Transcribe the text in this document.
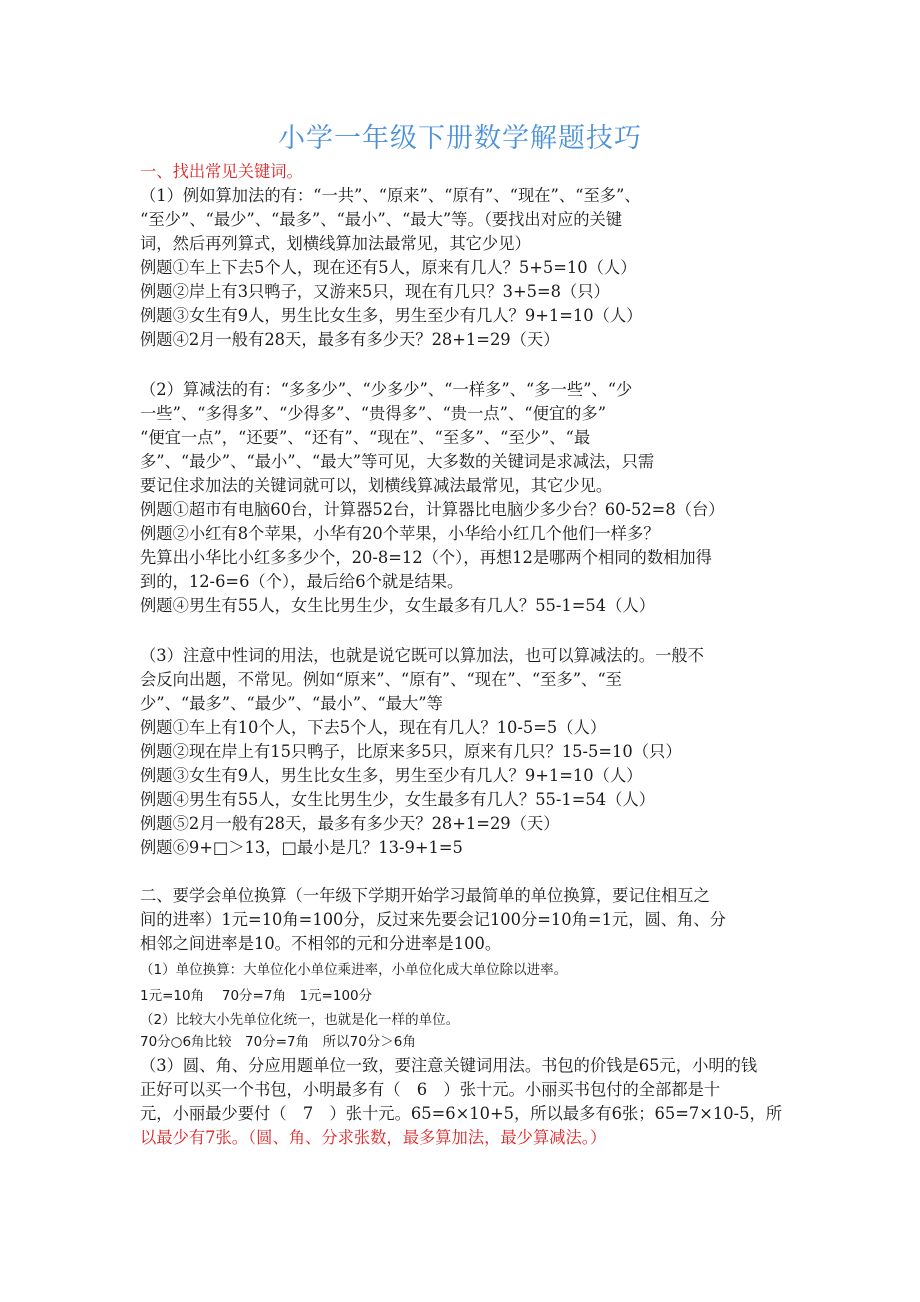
小学一年级下册数学解题技巧
一、找出常见关键词。
（1）例如算加法的有：“一共”、“原来”、“原有”、“现在”、“至多”、
“至少”、“最少”、“最多”、“最小”、“最大”等。（要找出对应的关键
词，然后再列算式，划横线算加法最常见，其它少见）
例题①车上下去5个人，现在还有5人，原来有几人？5+5=10（人）
例题②岸上有3只鸭子，又游来5只，现在有几只？3+5=8（只）
例题③女生有9人，男生比女生多，男生至少有几人？9+1=10（人）
例题④2月一般有28天，最多有多少天？28+1=29（天）
（2）算减法的有：“多多少”、“少多少”、“一样多”、“多一些”、“少
一些”、“多得多”、“少得多”、“贵得多”、“贵一点”、“便宜的多”
“便宜一点”，“还要”、“还有”、“现在”、“至多”、“至少”、“最
多”、“最少”、“最小”、“最大”等可见，大多数的关键词是求减法，只需
要记住求加法的关键词就可以，划横线算减法最常见，其它少见。
例题①超市有电脑60台，计算器52台，计算器比电脑少多少台？60-52=8（台）
例题②小红有8个苹果，小华有20个苹果，小华给小红几个他们一样多？
先算出小华比小红多多少个，20-8=12（个），再想12是哪两个相同的数相加得
到的，12-6=6（个），最后给6个就是结果。
例题④男生有55人，女生比男生少，女生最多有几人？55-1=54（人）
（3）注意中性词的用法，也就是说它既可以算加法，也可以算减法的。一般不
会反向出题，不常见。例如“原来”、“原有”、“现在”、“至多”、“至
少”、“最多”、“最少”、“最小”、“最大”等
例题①车上有10个人，下去5个人，现在有几人？10-5=5（人）
例题②现在岸上有15只鸭子，比原来多5只，原来有几只？15-5=10（只）
例题③女生有9人，男生比女生多，男生至少有几人？9+1=10（人）
例题④男生有55人，女生比男生少，女生最多有几人？55-1=54（人）
例题⑤2月一般有28天，最多有多少天？28+1=29（天）
例题⑥9+□＞13，□最小是几？13-9+1=5
二、要学会单位换算（一年级下学期开始学习最简单的单位换算，要记住相互之
间的进率）1元=10角=100分，反过来先要会记100分=10角=1元，圆、角、分
相邻之间进率是10。不相邻的元和分进率是100。
（1）单位换算：大单位化小单位乘进率，小单位化成大单位除以进率。
1元=10角　 70分=7角　1元=100分
（2）比较大小先单位化统一，也就是化一样的单位。
70分○6角比较　70分=7角　所以70分＞6角
（3）圆、角、分应用题单位一致，要注意关键词用法。书包的价钱是65元，小明的钱
正好可以买一个书包，小明最多有（　6　）张十元。小丽买书包付的全部都是十
元，小丽最少要付（　7　）张十元。65=6×10+5，所以最多有6张；65=7×10-5，所
以最少有7张。（圆、角、分求张数，最多算加法，最少算减法。）
